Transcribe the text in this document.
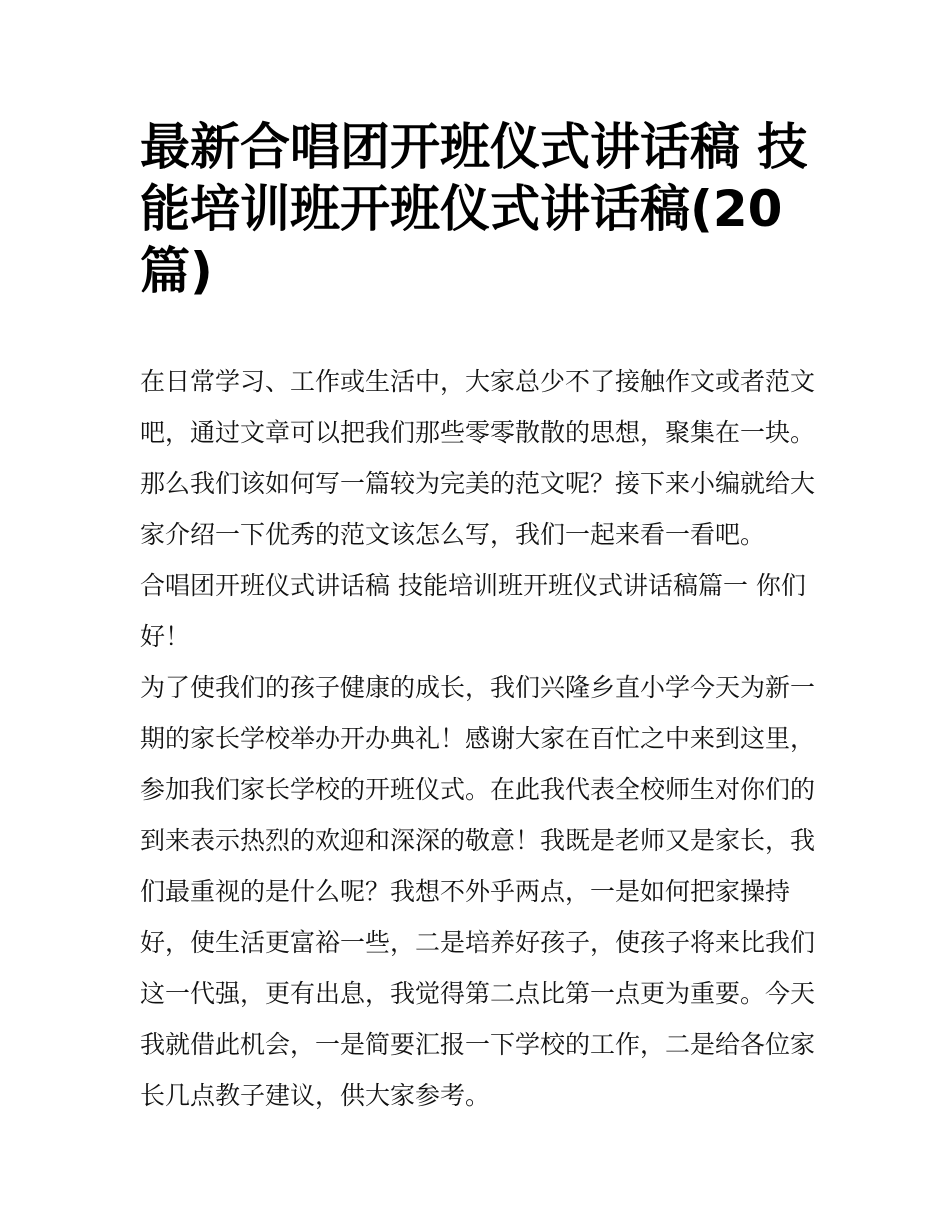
最新合唱团开班仪式讲话稿 技
能培训班开班仪式讲话稿(20
篇)
在日常学习、工作或生活中，大家总少不了接触作文或者范文
吧，通过文章可以把我们那些零零散散的思想，聚集在一块。
那么我们该如何写一篇较为完美的范文呢？接下来小编就给大
家介绍一下优秀的范文该怎么写，我们一起来看一看吧。
合唱团开班仪式讲话稿 技能培训班开班仪式讲话稿篇一 你们
好！
为了使我们的孩子健康的成长，我们兴隆乡直小学今天为新一
期的家长学校举办开办典礼！感谢大家在百忙之中来到这里，
参加我们家长学校的开班仪式。在此我代表全校师生对你们的
到来表示热烈的欢迎和深深的敬意！我既是老师又是家长，我
们最重视的是什么呢？我想不外乎两点，一是如何把家操持
好，使生活更富裕一些，二是培养好孩子，使孩子将来比我们
这一代强，更有出息，我觉得第二点比第一点更为重要。今天
我就借此机会，一是简要汇报一下学校的工作，二是给各位家
长几点教子建议，供大家参考。
